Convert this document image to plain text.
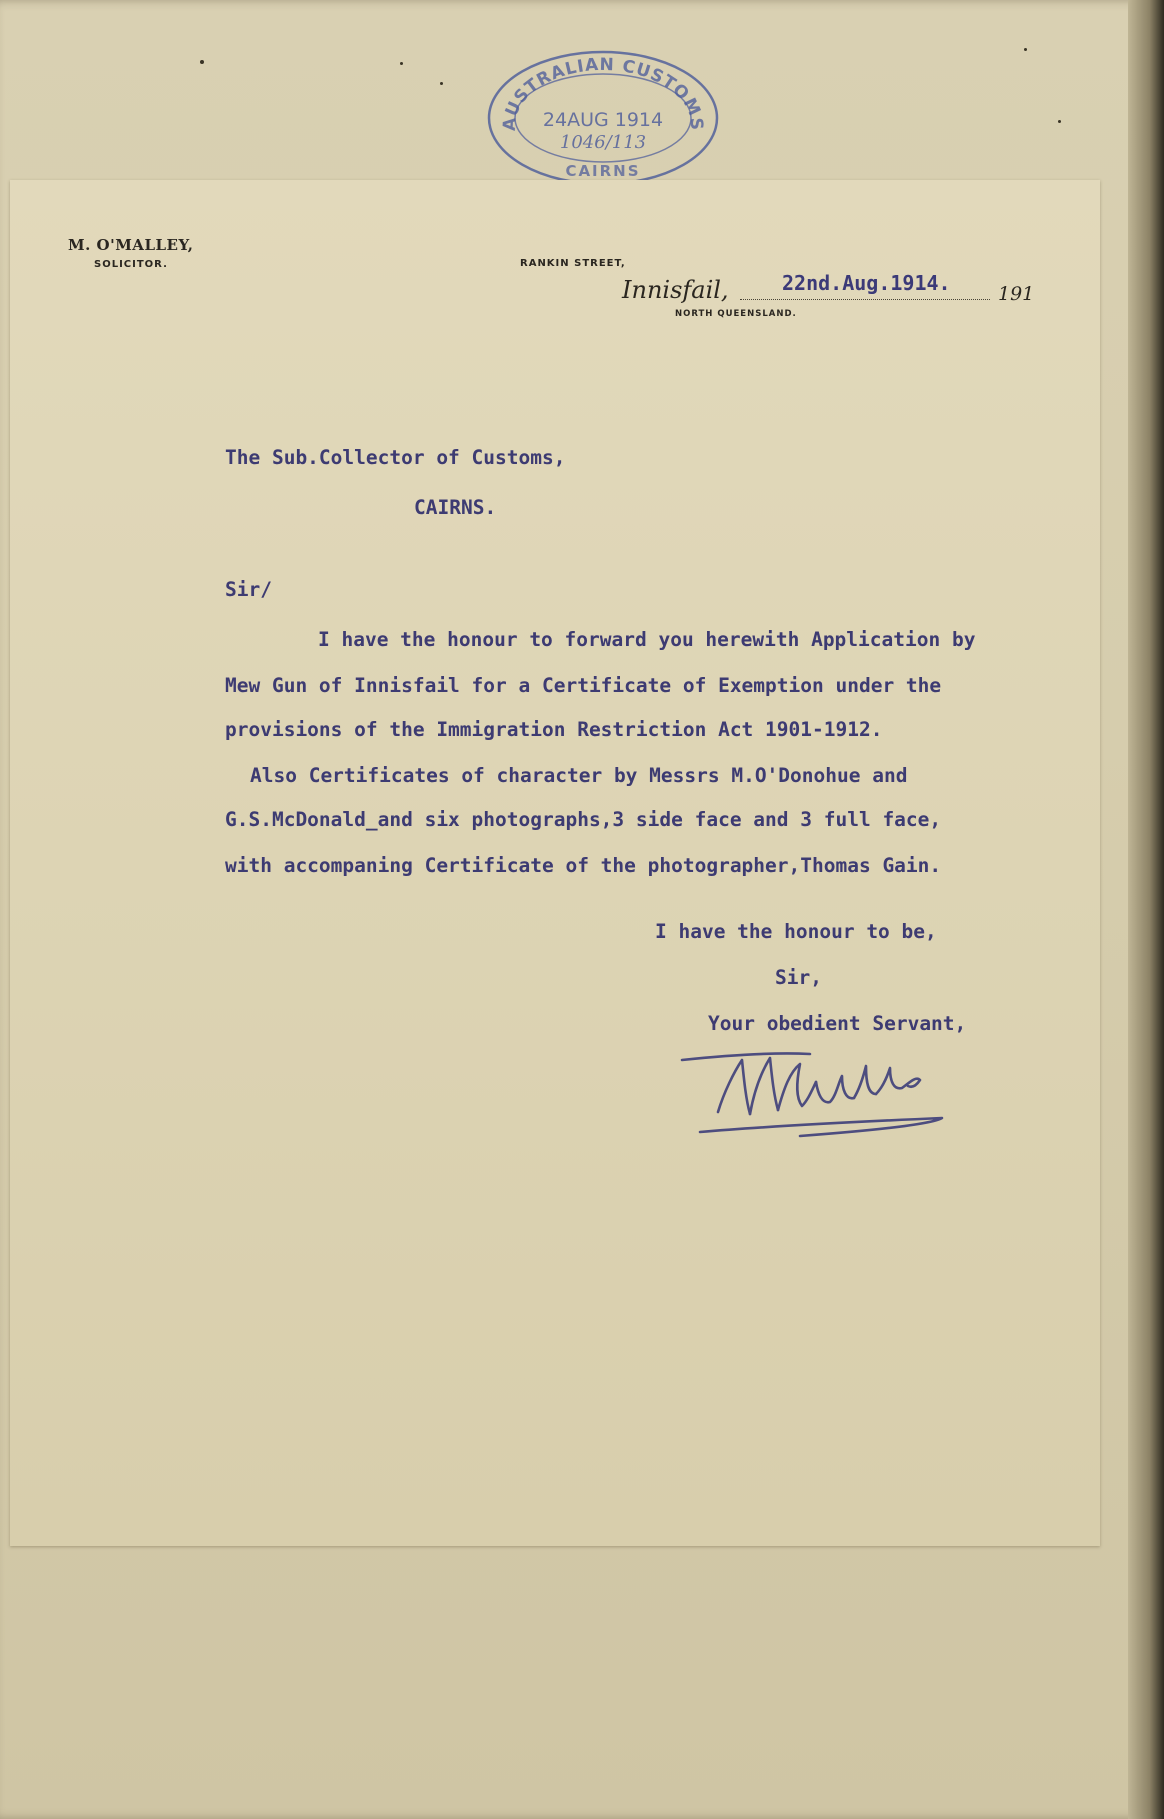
AUSTRALIAN CUSTOMS
24AUG 1914
1046/113
CAIRNS
M. O'MALLEY,
SOLICITOR.	RANKIN STREET,
Innisfail,	22nd.Aug.1914. 191
NORTH QUEENSLAND.
The Sub.Collector of Customs,
CAIRNS.
Sir/
I have the honour to forward you herewith Application by
Mew Gun of Innisfail for a Certificate of Exemption under the
provisions of the Immigration Restriction Act 1901-1912.
Also Certificates of character by Messrs M.O'Donohue and
G.S.McDonald_and six photographs,3 side face and 3 full face,
with accompaning Certificate of the photographer,Thomas Gain.
I have the honour to be,
Sir,
Your obedient Servant,
